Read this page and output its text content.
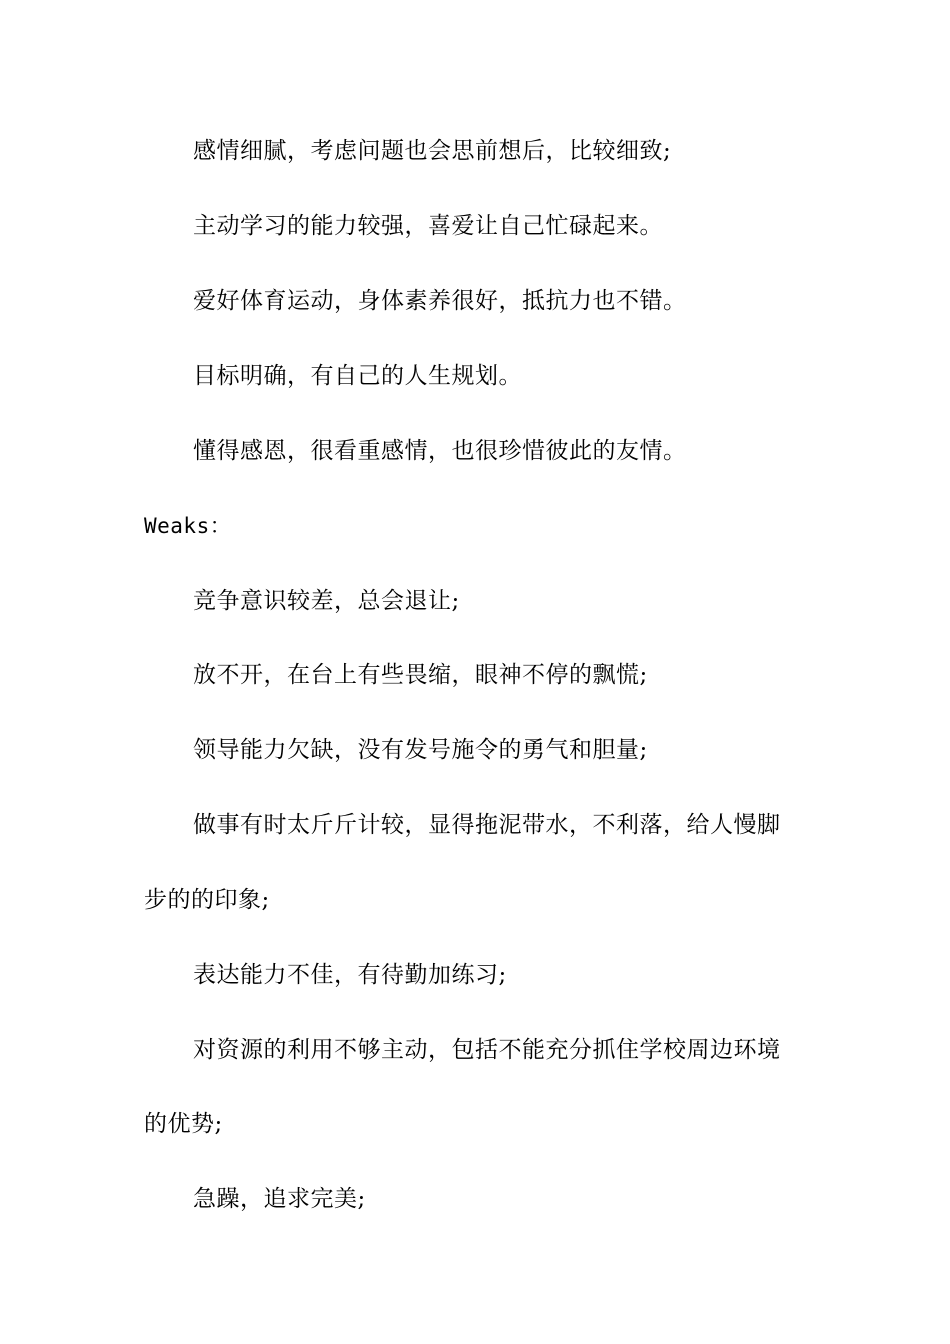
感情细腻，考虑问题也会思前想后，比较细致;
主动学习的能力较强，喜爱让自己忙碌起来。
爱好体育运动，身体素养很好，抵抗力也不错。
目标明确，有自己的人生规划。
懂得感恩，很看重感情，也很珍惜彼此的友情。
Weaks：
竞争意识较差，总会退让;
放不开，在台上有些畏缩，眼神不停的飘慌;
领导能力欠缺，没有发号施令的勇气和胆量;
做事有时太斤斤计较，显得拖泥带水，不利落，给人慢脚
步的的印象;
表达能力不佳，有待勤加练习;
对资源的利用不够主动，包括不能充分抓住学校周边环境
的优势;
急躁，追求完美;
